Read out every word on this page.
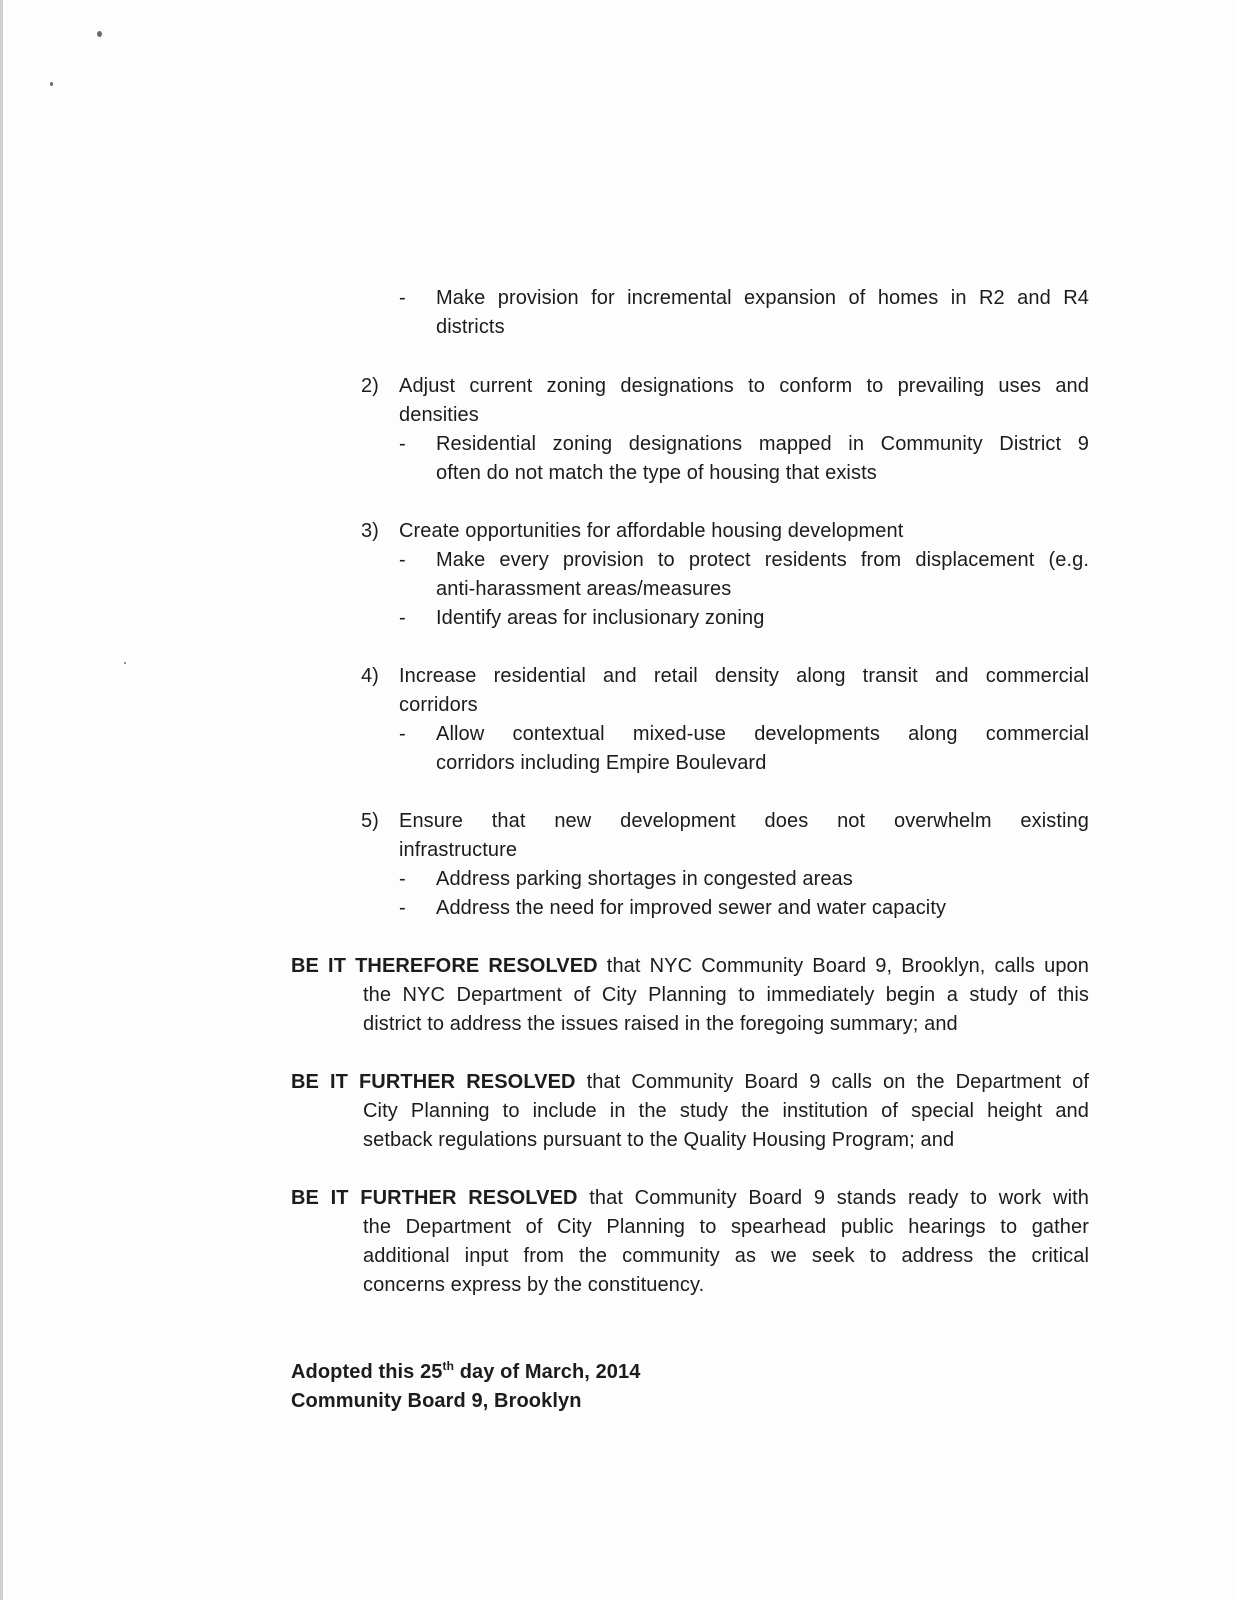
- Make provision for incremental expansion of homes in R2 and R4
districts
2) Adjust current zoning designations to conform to prevailing uses and
densities
- Residential zoning designations mapped in Community District 9
often do not match the type of housing that exists
3) Create opportunities for affordable housing development
- Make every provision to protect residents from displacement (e.g.
anti-harassment areas/measures
- Identify areas for inclusionary zoning
4) Increase residential and retail density along transit and commercial
corridors
- Allow contextual mixed-use developments along commercial
corridors including Empire Boulevard
5) Ensure that new development does not overwhelm existing
infrastructure
- Address parking shortages in congested areas
- Address the need for improved sewer and water capacity
BE IT THEREFORE RESOLVED that NYC Community Board 9, Brooklyn, calls upon
the NYC Department of City Planning to immediately begin a study of this
district to address the issues raised in the foregoing summary; and
BE IT FURTHER RESOLVED that Community Board 9 calls on the Department of
City Planning to include in the study the institution of special height and
setback regulations pursuant to the Quality Housing Program; and
BE IT FURTHER RESOLVED that Community Board 9 stands ready to work with
the Department of City Planning to spearhead public hearings to gather
additional input from the community as we seek to address the critical
concerns express by the constituency.
Adopted this 25th day of March, 2014
Community Board 9, Brooklyn
